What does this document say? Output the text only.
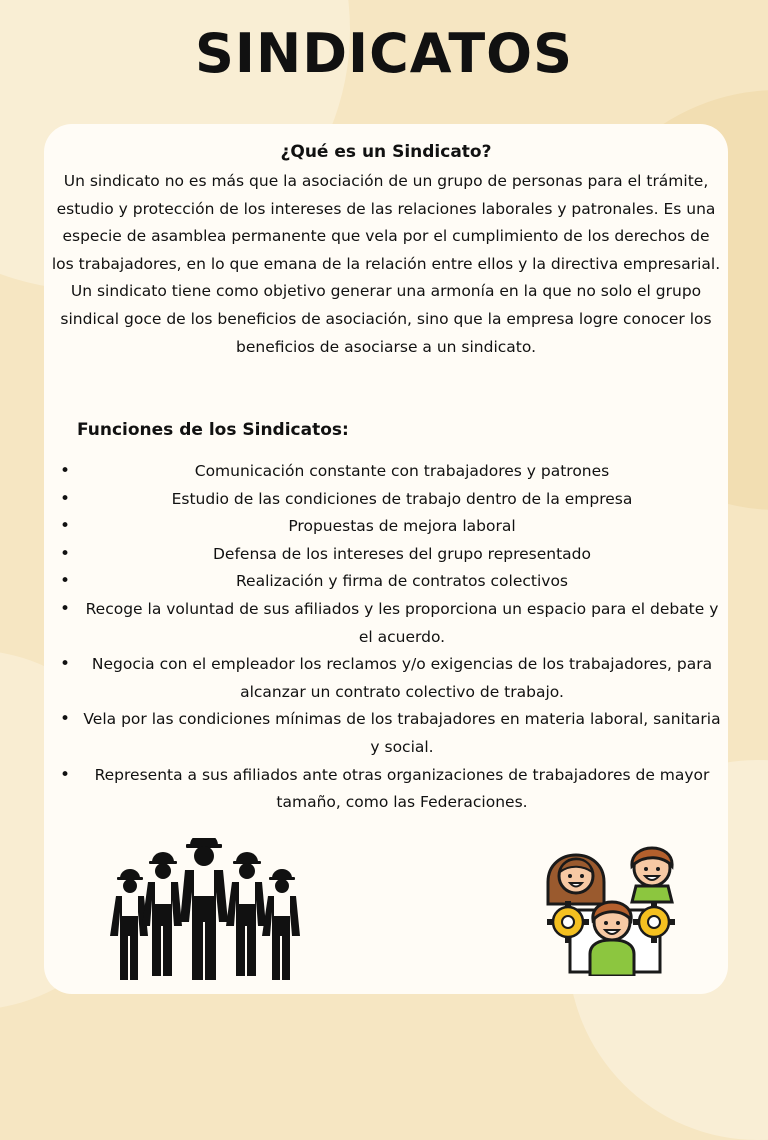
SINDICATOS
¿Qué es un Sindicato?
Un sindicato no es más que la asociación de un grupo de personas para el trámite, estudio y protección de los intereses de las relaciones laborales y patronales. Es una especie de asamblea permanente que vela por el cumplimiento de los derechos de los trabajadores, en lo que emana de la relación entre ellos y la directiva empresarial. Un sindicato tiene como objetivo generar una armonía en la que no solo el grupo sindical goce de los beneficios de asociación, sino que la empresa logre conocer los beneficios de asociarse a un sindicato.
Funciones de los Sindicatos:
• Comunicación constante con trabajadores y patrones
• Estudio de las condiciones de trabajo dentro de la empresa
• Propuestas de mejora laboral
• Defensa de los intereses del grupo representado
• Realización y firma de contratos colectivos
• Recoge la voluntad de sus afiliados y les proporciona un espacio para el debate y el acuerdo.
• Negocia con el empleador los reclamos y/o exigencias de los trabajadores, para alcanzar un contrato colectivo de trabajo.
• Vela por las condiciones mínimas de los trabajadores en materia laboral, sanitaria y social.
• Representa a sus afiliados ante otras organizaciones de trabajadores de mayor tamaño, como las Federaciones.
